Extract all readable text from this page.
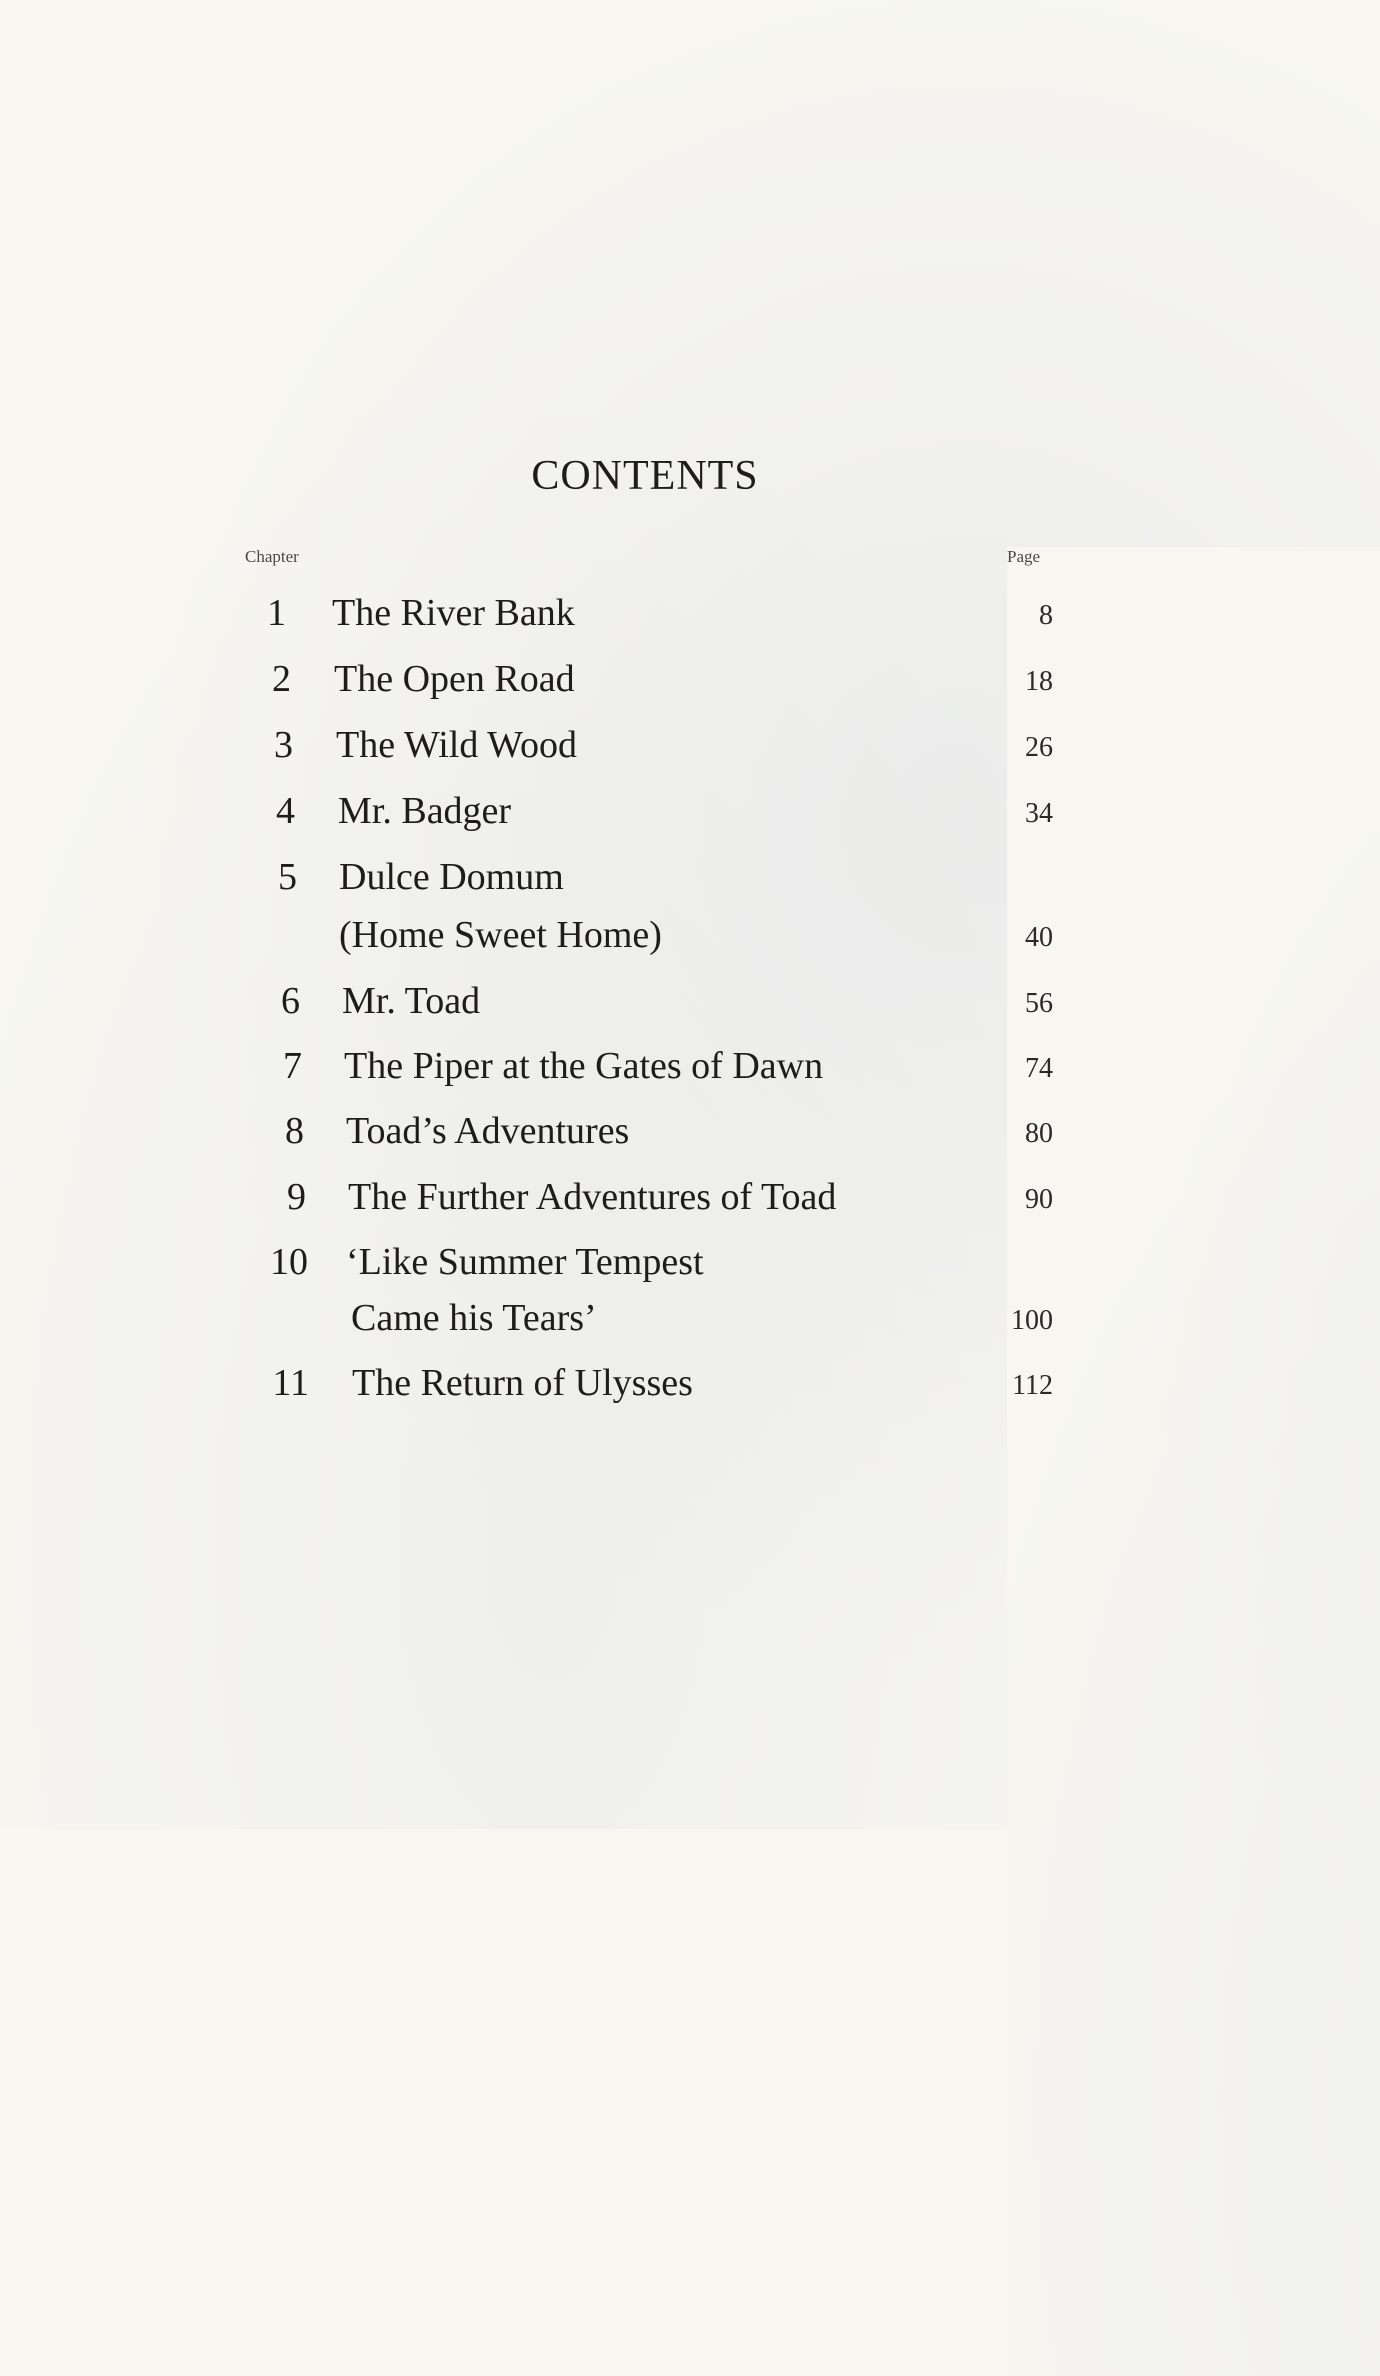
CONTENTS
Chapter	Page
1 The River Bank	8
2 The Open Road	18
3 The Wild Wood	26
4 Mr. Badger	34
5 Dulce Domum
(Home Sweet Home)	40
6 Mr. Toad	56
7 The Piper at the Gates of Dawn	74
8 Toad’s Adventures	80
9 The Further Adventures of Toad	90
10 ‘Like Summer Tempest
Came his Tears’	100
11 The Return of Ulysses	112
